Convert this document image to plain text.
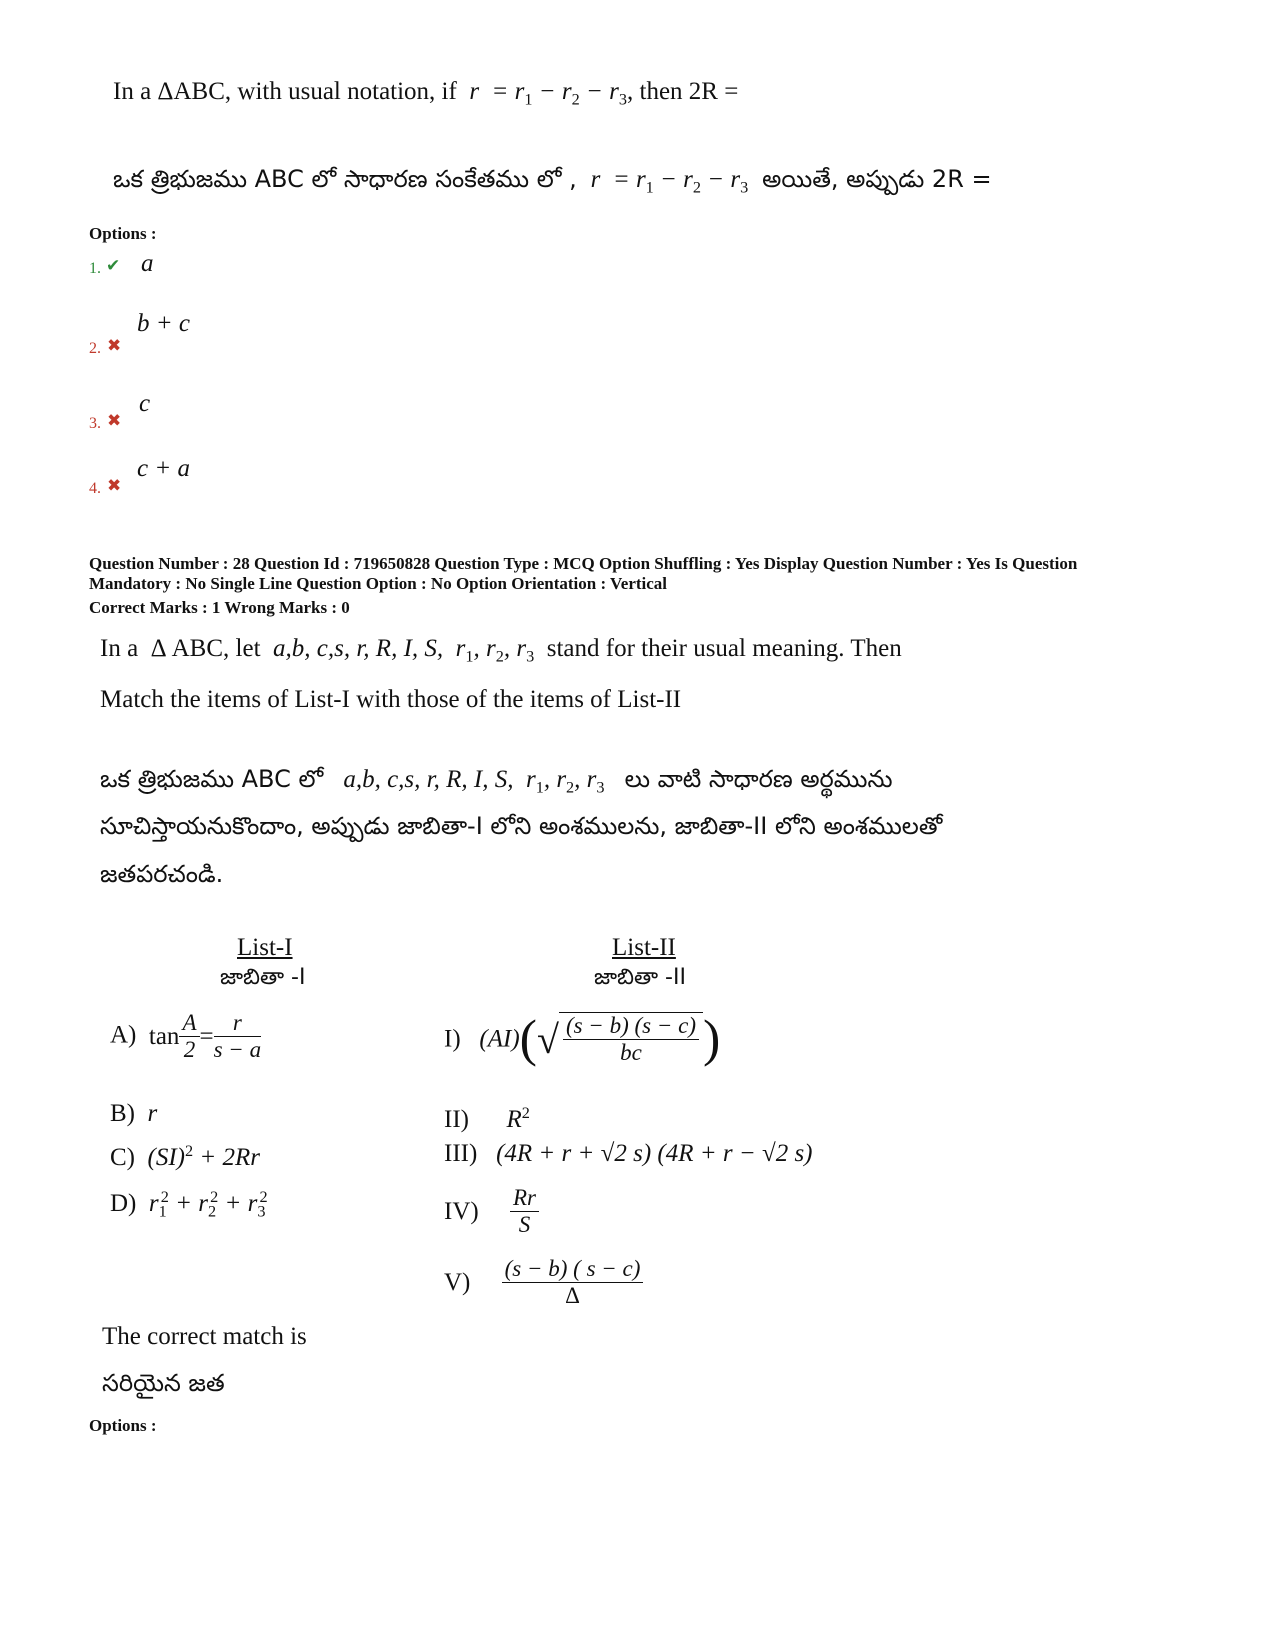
In a ΔABC, with usual notation, if  $r = r_1 - r_2 - r_3$, then 2R =
ఒక త్రిభుజము ABC లో సాధారణ సంకేతము లో ,  $r = r_1 - r_2 - r_3$ అయితే, అప్పుడు 2R =
Options :
1. ✔ a
b + c
2. ✖
c
3. ✖
c + a
4. ✖
Question Number : 28 Question Id : 719650828 Question Type : MCQ Option Shuffling : Yes Display Question Number : Yes Is Question
Mandatory : No Single Line Question Option : No Option Orientation : Vertical
Correct Marks : 1 Wrong Marks : 0
In a Δ ABC, let  a,b, c,s, r, R, I, S,  $r_1$, $r_2$, $r_3$ stand for their usual meaning. Then
Match the items of List-I with those of the items of List-II
ఒక త్రిభుజము ABC లో   a,b, c,s, r, R, I, S,  $r_1$, $r_2$, $r_3$ లు వాటి సాధారణ అర్థమును
సూచిస్తాయనుకొందాం, అప్పుడు జాబితా-I లోని అంశములను, జాబితా-II లోని అంశములతో
జతపరచండి.
List-I
జాబితా -I
List-II
జాబితా -II
A) $\tan \frac{A}{2} = \frac{r}{s - a}$
B) r
C) (SI)$^2$ + 2Rr
D) $r_1^2 + r_2^2 + r_3^2$
I) $(AI)(√ \frac{(s - b) (s - c)}{bc}$ )
II) $R^2$
III) (4R + r + √2 s) (4R + r − √2 s)
$IV) \frac{Rr}{S}$
$V) \frac{(s - b) ( s - c)}{\Delta}$
The correct match is
సరియైన జత
Options :
